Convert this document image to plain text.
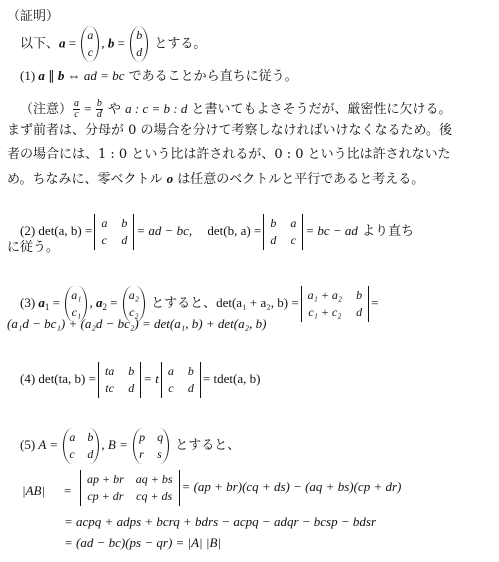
（証明）
以下、a =
a
c
, b =
b
d
とする。
(1) a ∥ b ⇔ ad = bc であることから直ちに従う。
（注意） $\frac{a}{c} = \frac{b}{d}$ や a : c = b : d と書いてもよさそうだが、厳密性に欠ける。
まず前者は、分母が 0 の場合を分けて考察しなければいけなくなるため。後
者の場合には、1 : 0 という比は許されるが、0 : 0 という比は許されないた
め。ちなみに、零ベクトル o は任意のベクトルと平行であると考える。
(2) det(a, b) = a b
c d
= ad − bc, det(b, a) = b a
d c
= bc − ad より直ち
に従う。
(3) $a_1 = a_1$
c₁
, $a_2 = a_2$
c₂
とすると、det(a₁ + a₂, b) = a₁ + a₂ b
c₁ + c₂ d
=
(a₁d − bc₁) + (a₂d − bc₂) = det(a₁, b) + det(a₂, b)
(4) det(ta, b) = ta b
tc d
= t a b
c d
= tdet(a, b)
(5) A = a b
c d
, B = p q
r s
とすると、
|AB| =
ap + br aq + bs
cp + dr cq + ds
= (ap + br)(cq + ds) − (aq + bs)(cp + dr)
= acpq + adps + bcrq + bdrs − acpq − adqr − bcsp − bdsr
= (ad − bc)(ps − qr) = |A| |B|
